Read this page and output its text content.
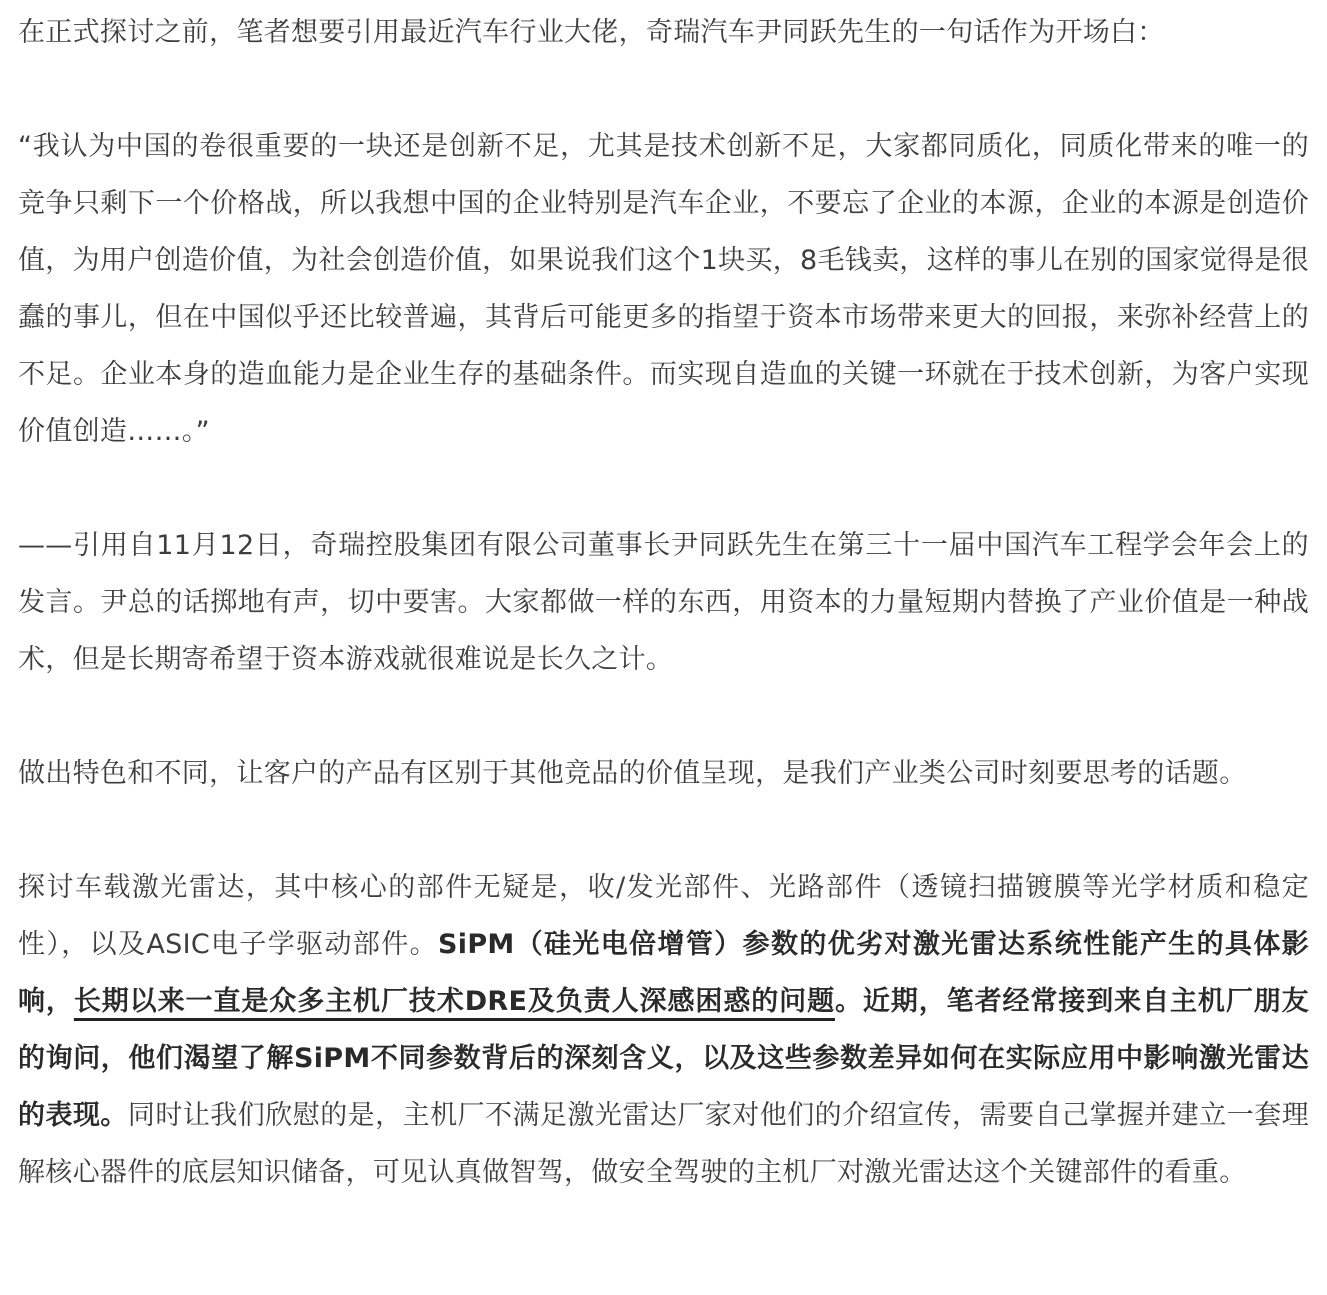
在正式探讨之前，笔者想要引用最近汽车行业大佬，奇瑞汽车尹同跃先生的一句话作为开场白：

“我认为中国的卷很重要的一块还是创新不足，尤其是技术创新不足，大家都同质化，同质化带来的唯一的竞争只剩下一个价格战，所以我想中国的企业特别是汽车企业，不要忘了企业的本源，企业的本源是创造价值，为用户创造价值，为社会创造价值，如果说我们这个1块买，8毛钱卖，这样的事儿在别的国家觉得是很蠢的事儿，但在中国似乎还比较普遍，其背后可能更多的指望于资本市场带来更大的回报，来弥补经营上的不足。企业本身的造血能力是企业生存的基础条件。而实现自造血的关键一环就在于技术创新，为客户实现价值创造……。”

——引用自11月12日，奇瑞控股集团有限公司董事长尹同跃先生在第三十一届中国汽车工程学会年会上的发言。尹总的话掷地有声，切中要害。大家都做一样的东西，用资本的力量短期内替换了产业价值是一种战术，但是长期寄希望于资本游戏就很难说是长久之计。

做出特色和不同，让客户的产品有区别于其他竞品的价值呈现，是我们产业类公司时刻要思考的话题。

探讨车载激光雷达，其中核心的部件无疑是，收/发光部件、光路部件（透镜扫描镀膜等光学材质和稳定性），以及ASIC电子学驱动部件。SiPM（硅光电倍增管）参数的优劣对激光雷达系统性能产生的具体影响，长期以来一直是众多主机厂技术DRE及负责人深感困惑的问题。近期，笔者经常接到来自主机厂朋友的询问，他们渴望了解SiPM不同参数背后的深刻含义，以及这些参数差异如何在实际应用中影响激光雷达的表现。同时让我们欣慰的是，主机厂不满足激光雷达厂家对他们的介绍宣传，需要自己掌握并建立一套理解核心器件的底层知识储备，可见认真做智驾，做安全驾驶的主机厂对激光雷达这个关键部件的看重。
